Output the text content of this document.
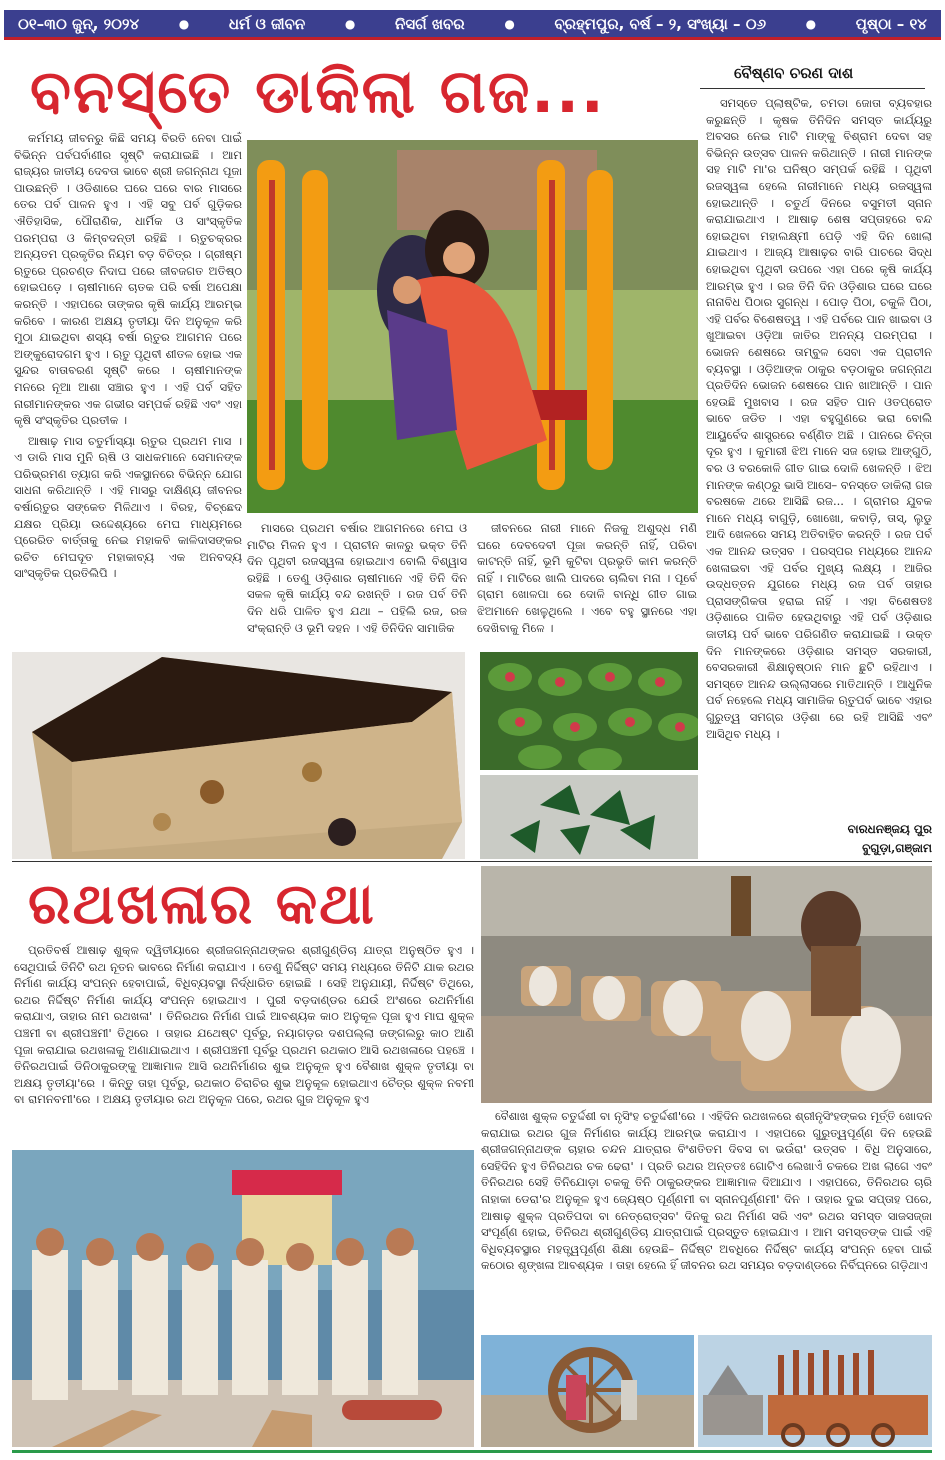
୦୧–୩୦ ଜୁନ୍, ୨୦୨୪	●	ଧର୍ମ ଓ ଜୀବନ	●	ନିସର୍ଗ ଖବର	●	ବ୍ରହ୍ମପୁର, ବର୍ଷ – ୨, ସଂଖ୍ୟା – ୦୬	●	ପୃଷ୍ଠା – ୧୪
ବନସ୍ତେ ଡାକିଲା ଗଜ...	ବୈଷ୍ଣବ ଚରଣ ଦାଶ

କର୍ମମୟ ଜୀବନରୁ କିଛି ସମୟ ବିରତି ନେବା ପାଇଁ ବିଭିନ୍ନ ପର୍ବପର୍ବାଣୀର ସୃଷ୍ଟି କରାଯାଇଛି । ଆମ ରାଜ୍ୟର ଜାତୀୟ ଦେବତା ଭାବେ ଶ୍ରୀ ଜଗନ୍ନାଥ ପୂଜା ପାଉଛନ୍ତି । ଓଡିଶାରେ ଘରେ ଘରେ ବାର ମାସରେ ତେର ପର୍ବ ପାଳନ ହୁଏ । ଏହି ସବୁ ପର୍ବ ଗୁଡ଼ିକର ଐତିହାସିକ, ପୌରାଣିକ, ଧାର୍ମିକ ଓ ସାଂସ୍କୃତିକ ପରମ୍ପରା ଓ କିମ୍ବଦନ୍ତୀ ରହିଛି । ଋତୁଚକ୍ରର ଅନ୍ୟତମ ପ୍ରକୃତିର ନିୟମ ବଡ଼ ବିଚିତ୍ର । ଗ୍ରୀଷ୍ମ ଋତୁରେ ପ୍ରଚଣ୍ଡ ନିଦାଘ ପରେ ଜୀବଜଗତ ଅତିଷ୍ଠ ହୋଇପଡ଼େ । ଚାଷୀମାନେ ଚାତକ ପରି ବର୍ଷା ଅପେକ୍ଷା କରନ୍ତି । ଏହାପରେ ତାଙ୍କର କୃଷି କାର୍ଯ୍ୟ ଆରମ୍ଭ କରିବେ । କାରଣ ଅକ୍ଷୟ ତୃତୀୟା ଦିନ ଅନୁକୂଳ କରି ମୁଠା ଯାଇଥିବା ଶସ୍ୟ ବର୍ଷା ଋତୁର ଆଗମନ ପରେ ଅଙ୍କୁରୋଦଗମ ହୁଏ । ଋତୁ ପୃଥିବୀ ଶୀତଳ ହୋଇ ଏକ ସୁନ୍ଦର ବାତାବରଣ ସୃଷ୍ଟି କରେ । ଚାଷୀମାନଙ୍କ ମନରେ ନୂଆ ଆଶା ସଞ୍ଚାର ହୁଏ । ଏହି ପର୍ବ ସହିତ ନାରୀମାନଙ୍କର ଏକ ଗଭୀର ସମ୍ପର୍କ ରହିଛି ଏବଂ ଏହା କୃଷି ସଂସ୍କୃତିର ପ୍ରତୀକ ।

ଆଷାଢ଼ ମାସ ଚତୁର୍ମାସ୍ୟା ଋତୁର ପ୍ରଥମ ମାସ । ଏ ଡାରି ମାସ ମୁନି ଋଷି ଓ ସାଧକମାନେ ସେମାନଙ୍କ ପରିଭ୍ରମଣ ତ୍ୟାଗ କରି ଏକସ୍ଥାନରେ ବିଭିନ୍ନ ଯୋଗ ସାଧନା କରିଥାନ୍ତି । ଏହି ମାସରୁ ଦାକ୍ଷିଣ୍ୟ ଜୀବନର ବର୍ଷାଋତୁର ସଙ୍କେତ ମିଳିଥାଏ । ବିରହ, ବିଚ୍ଛେଦ ଯକ୍ଷର ପ୍ରିୟା ଉଦ୍ଦେଶ୍ୟରେ ମେଘ ମାଧ୍ୟମରେ ପ୍ରେରିତ ବାର୍ତ୍ତାକୁ ନେଇ ମହାକବି କାଳିଦାସଙ୍କର ରଚିତ ମେଘଦୂତ ମହାକାବ୍ୟ ଏକ ଅନବଦ୍ୟ ସାଂସ୍କୃତିକ ପ୍ରତିଲିପି ।

ମାସରେ ପ୍ରଥମ ବର୍ଷାର ଆଗମନରେ ମେଘ ଓ ମାଟିର ମିଳନ ହୁଏ । ପ୍ରାଚୀନ କାଳରୁ ଭକ୍ତ ତିନି ଦିନ ପୃଥିବୀ ରଜସ୍ୱଳା ହୋଇଥାଏ ବୋଲି ବିଶ୍ୱାସ ରହିଛି । ତେଣୁ ଓଡ଼ିଶାର ଚାଷୀମାନେ ଏହି ତିନି ଦିନ ସକଳ କୃଷି କାର୍ଯ୍ୟ ବନ୍ଦ ରଖନ୍ତି । ରଜ ପର୍ବ ତିନି ଦିନ ଧରି ପାଳିତ ହୁଏ ଯଥା – ପହିଲି ରଜ, ରଜ ସଂକ୍ରାନ୍ତି ଓ ଭୂମି ଦହନ । ଏହି ତିନିଦିନ ସାମାଜିକ

ଜୀବନରେ ନାରୀ ମାନେ ନିଜକୁ ଅଶୁଦ୍ଧ ମଣି ଘରେ ଦେବଦେବୀ ପୂଜା କରନ୍ତି ନାହିଁ, ପରିବା କାଟନ୍ତି ନାହିଁ, ଭୂମି କୁଟିବା ପ୍ରଭୃତି କାମ କରନ୍ତି ନାହିଁ । ମାଟିରେ ଖାଲି ପାଦରେ ଚାଲିବା ମନା । ପୂର୍ବେ ଗ୍ରାମ ଖୋଳପା ରେ ଦୋଳି ବାନ୍ଧି ଗୀତ ଗାଇ ଝିଅମାନେ ଖେଳୁଥିଲେ । ଏବେ ବହୁ ସ୍ଥାନରେ ଏହା ଦେଖିବାକୁ ମିଳେ ।

ସମସ୍ତେ ପ୍ଲାଷ୍ଟିକ, ଚମଡା ଜୋତା ବ୍ୟବହାର କରୁଛନ୍ତି । କୃଷକ ତିନିଦିନ ସମସ୍ତ କାର୍ଯ୍ୟରୁ ଅବସର ନେଇ ମାଟି ମାଙ୍କୁ ବିଶ୍ରାମ ଦେବା ସହ ବିଭିନ୍ନ ଉତ୍ସବ ପାଳନ କରିଥାନ୍ତି । ନାରୀ ମାନଙ୍କ ସହ ମାଟି ମା'ର ଘନିଷ୍ଠ ସମ୍ପର୍କ ରହିଛି । ପୃଥିବୀ ରଜସ୍ୱଳା ହେଲେ ନାରୀମାନେ ମଧ୍ୟ ରଜସ୍ୱଳା ହୋଇଥାନ୍ତି । ଚତୁର୍ଥ ଦିନରେ ବସୁମତୀ ସ୍ନାନ କରାଯାଇଥାଏ । ଆଷାଢ଼ ଶେଷ ସପ୍ତାହରେ ବନ୍ଦ ହୋଇଥିବା ମହାଲକ୍ଷ୍ମୀ ପେଡ଼ି ଏହି ଦିନ ଖୋଲା ଯାଇଥାଏ । ଆଜ୍ୟ ଆଷାଢ଼ର ବାରି ପାଚରେ ସିଦ୍ଧ ହୋଇଥିବା ପୃଥିବୀ ଉପରେ ଏହା ପରେ କୃଷି କାର୍ଯ୍ୟ ଆରମ୍ଭ ହୁଏ । ରଜ ତିନି ଦିନ ଓଡ଼ିଶାର ଘରେ ଘରେ ନାନାବିଧ ପିଠାର ସୁଗନ୍ଧ । ପୋଡ଼ ପିଠା, ଚକୁଳି ପିଠା, ଏହି ପର୍ବର ବିଶେଷତ୍ୱ । ଏହି ପର୍ବରେ ପାନ ଖାଇବା ଓ ଖୁଆଇବା ଓଡ଼ିଆ ଜାତିର ଅନନ୍ୟ ପରମ୍ପରା । ଭୋଜନ ଶେଷରେ ତାମ୍ବୁଳ ସେବା ଏକ ପ୍ରାଚୀନ ବ୍ୟବସ୍ଥା । ଓଡ଼ିଆଙ୍କ ଠାକୁର ବଡ଼ଠାକୁର ଜଗନ୍ନାଥ ପ୍ରତିଦିନ ଭୋଜନ ଶେଷରେ ପାନ ଖାଆନ୍ତି । ପାନ ହେଉଛି ମୁଖବାସ । ରଜ ସହିତ ପାନ ଓତପ୍ରୋତ ଭାବେ ଜଡିତ । ଏହା ବହୁଗୁଣରେ ଭରା ବୋଲି ଆୟୁର୍ବେଦ ଶାସ୍ତ୍ରରେ ବର୍ଣ୍ଣିତ ଅଛି । ପାନରେ ଚିନ୍ତା ଦୂର ହୁଏ । କୁମାରୀ ଝିଅ ମାନେ ସଜ ହୋଇ ଆଙ୍ଗୁଠି, ବର ଓ ବରକୋଳି ଗୀତ ଗାଇ ଦୋଳି ଖେଳନ୍ତି । ଝିଅ ମାନଙ୍କ କଣ୍ଠରୁ ଭାସି ଆସେ– ବନସ୍ତେ ଡାକିଲା ଗଜ ବରଷକେ ଥରେ ଆସିଛି ରଜ... । ଗ୍ରାମର ଯୁବକ ମାନେ ମଧ୍ୟ ବାଗୁଡ଼ି, ଖୋଖୋ, କବାଡ଼ି, ତାସ୍, ଲୁଡୁ ଆଦି ଖେଳରେ ସମୟ ଅତିବାହିତ କରନ୍ତି । ରଜ ପର୍ବ ଏକ ଆନନ୍ଦ ଉତ୍ସବ । ପରସ୍ପର ମଧ୍ୟରେ ଆନନ୍ଦ ଖେଳାଇବା ଏହି ପର୍ବର ମୁଖ୍ୟ ଲକ୍ଷ୍ୟ । ଆଜିର ଉଦ୍ଧତ୍ତନ ଯୁଗରେ ମଧ୍ୟ ରଜ ପର୍ବ ତାହାର ପ୍ରାସଙ୍ଗିକତା ହରାଇ ନାହିଁ । ଏହା ବିଶେଷତଃ ଓଡ଼ିଶାରେ ପାଳିତ ହେଉଥିବାରୁ ଏହି ପର୍ବ ଓଡ଼ିଶାର ଜାତୀୟ ପର୍ବ ଭାବେ ପରିଗଣିତ କରାଯାଇଛି । ଉକ୍ତ ଦିନ ମାନଙ୍କରେ ଓଡ଼ିଶାର ସମସ୍ତ ସରକାରୀ, ବେସରକାରୀ ଶିକ୍ଷାନୁଷ୍ଠାନ ମାନ ଛୁଟି ରହିଥାଏ । ସମସ୍ତେ ଆନନ୍ଦ ଉଲ୍ଲାସରେ ମାତିଥାନ୍ତି । ଆଧୁନିକ ପର୍ବ ନହେଲେ ମଧ୍ୟ ସାମାଜିକ ଋତୁପର୍ବ ଭାବେ ଏହାର ଗୁରୁତ୍ୱ ସମଗ୍ର ଓଡ଼ିଶା ରେ ରହି ଆସିଛି ଏବଂ ଆସିଥିବ ମଧ୍ୟ ।

ବାରଧନଞ୍ଜୟ ପୁର
ବୁଗୁଡ଼ା,ଗଞ୍ଜାମ
ରଥଖଳାର କଥା

ପ୍ରତିବର୍ଷ ଆଷାଢ଼ ଶୁକ୍ଳ ଦ୍ୱିତୀୟାରେ ଶ୍ରୀଜଗନ୍ନାଥଙ୍କର ଶ୍ରୀଗୁଣ୍ଡିଚା ଯାତ୍ରା ଅନୁଷ୍ଠିତ ହୁଏ । ସେଥିପାଇଁ ତିନିଟି ରଥ ନୂତନ ଭାବରେ ନିର୍ମାଣ କରାଯାଏ । ତେଣୁ ନିର୍ଦ୍ଦିଷ୍ଟ ସମୟ ମଧ୍ୟରେ ତିନିଟି ଯାକ ରଥର ନିର୍ମାଣ କାର୍ଯ୍ୟ ସଂପନ୍ନ ହେବାପାଇଁ, ବିଧିବ୍ୟବସ୍ଥା ନିର୍ଦ୍ଧାରିତ ହୋଇଛି । ସେହି ଅନୁଯାୟୀ, ନିର୍ଦ୍ଦିଷ୍ଟ ତିଥିରେ, ରଥର ନିର୍ଦ୍ଦିଷ୍ଟ ନିର୍ମାଣ କାର୍ଯ୍ୟ ସଂପନ୍ନ ହୋଇଥାଏ । ପୁରୀ ବଡ଼ଦାଣ୍ଡର ଯେଉଁ ଅଂଶରେ ରଥନିର୍ମାଣ କରାଯାଏ, ତାହାର ନାମ ରଥଖଳା' । ତିନିରଥର ନିର୍ମାଣ ପାଇଁ ଆବଶ୍ୟକ କାଠ ଅନୁକୂଳ ପୂଜା ହୁଏ ମାଘ ଶୁକ୍ଳ ପଞ୍ଚମୀ ବା ଶ୍ରୀପଞ୍ଚମୀ' ତିଥିରେ । ତାହାର ଯଥେଷ୍ଟ ପୂର୍ବରୁ, ନୟାଗଡ଼ର ଦଶପଲ୍ଲା ଜଙ୍ଗଲରୁ କାଠ ଆଣି ପୂଜା କରାଯାଇ ରଥଖଳାକୁ ଅଣାଯାଇଥାଏ । ଶ୍ରୀପଞ୍ଚମୀ ପୂର୍ବରୁ ପ୍ରଥମ ରଥକାଠ ଆସି ରଥଖଳାରେ ପହଞ୍ଚେ । ତିନିରଥପାଇଁ ଡିନିଠାକୁରଙ୍କୁ ଆଜ୍ଞାମାଳ ଆସି ରଥନିର୍ମାଣର ଶୁଭ ଅନୁକୂଳ ହୁଏ ବୈଶାଖ ଶୁକ୍ଳ ତୃତୀୟା ବା ଅକ୍ଷୟ ତୃତୀୟା'ରେ । କିନ୍ତୁ ତାହା ପୂର୍ବରୁ, ରଥକାଠ ଚିରାଚିର ଶୁଭ ଅନୁକୂଳ ହୋଇଥାଏ ଚୈତ୍ର ଶୁକ୍ଳ ନବମୀ ବା ରାମନବମୀ'ରେ । ଅକ୍ଷୟ ତୃତୀୟାର ରଥ ଅନୁକୂଳ ପରେ, ରଥର ଗୁଜ ଅନୁକୂଳ ହୁଏ

ବୈଶାଖ ଶୁକ୍ଳ ଚତୁର୍ଦ୍ଦଶୀ ବା ନୃସିଂହ ଚତୁର୍ଦ୍ଦଶୀ'ରେ । ଏହିଦିନ ରଥଖଳରେ ଶ୍ରୀନୃସିଂହଙ୍କର ମୂର୍ତ୍ତି ଖୋଦନ କରାଯାଇ ରଥର ଗୁଜ ନିର୍ମାଣର କାର୍ଯ୍ୟ ଆରମ୍ଭ କରାଯାଏ । ଏହାପରେ ଗୁରୁତ୍ୱପୂର୍ଣ୍ଣ ଦିନ ହେଉଛି ଶ୍ରୀଜଗନ୍ନାଥଙ୍କ ଚାହାର ଚନ୍ଦନ ଯାତ୍ରାର ବିଂଶତିତମ ଦିବସ ବା ଭଉଁରା' ଉତ୍ସବ । ବିଧି ଅନୁସାରେ, ସେହିଦିନ ହୁଏ ତିନିରଥର ଚକ ଢେରା' । ପ୍ରତି ରଥର ଅନ୍ତତଃ ଗୋଟିଏ ଲେଖାଏଁ ଚକରେ ଅଖ ଲାଗେ ଏବଂ ତିନିରଥର ସେହି ତିନିଯୋଡ଼ା ଚକକୁ ତିନି ଠାକୁରଙ୍କର ଆଜ୍ଞାମାଳ ଦିଆଯାଏ । ଏହାପରେ, ତିନିରଥର ଚାରି ନାହାକା ଡେରା'ର ଅନୁକୂଳ ହୁଏ ଜ୍ୟେଷ୍ଠ ପୂର୍ଣ୍ଣମୀ ବା ସ୍ନାନପୂର୍ଣ୍ଣମୀ' ଦିନ । ତାହାର ଦୁଇ ସପ୍ତାହ ପରେ, ଆଷାଢ଼ ଶୁକ୍ଳ ପ୍ରତିପଦା ବା ନେତ୍ରୋତ୍ସବ' ଦିନକୁ ରଥ ନିର୍ମାଣ ସରି ଏବଂ ରଥର ସମସ୍ତ ସାଜସଜ୍ଜା ସଂପୂର୍ଣ୍ଣ ହୋଇ, ତିନିରଥ ଶ୍ରୀଗୁଣ୍ଡିଚା ଯାତ୍ରାପାଇଁ ପ୍ରସ୍ତୁତ ହୋଇଯାଏ । ଆମ ସମସ୍ତଙ୍କ ପାଇଁ ଏହି ବିଧିବ୍ୟବସ୍ଥାର ମହତ୍ତ୍ୱପୂର୍ଣ୍ଣ ଶିକ୍ଷା ହେଉଛି– ନିର୍ଦ୍ଦିଷ୍ଟ ଅବଧିରେ ନିର୍ଦ୍ଦିଷ୍ଟ କାର୍ଯ୍ୟ ସଂପନ୍ନ ହେବା ପାଇଁ କଠୋର ଶୃଙ୍ଖଳା ଆବଶ୍ୟକ । ତାହା ହେଲେ ହିଁ ଜୀବନର ରଥ ସମୟର ବଡ଼ଦାଣ୍ଡରେ ନିର୍ବିଘ୍ନରେ ଗଡ଼ିଥାଏ
